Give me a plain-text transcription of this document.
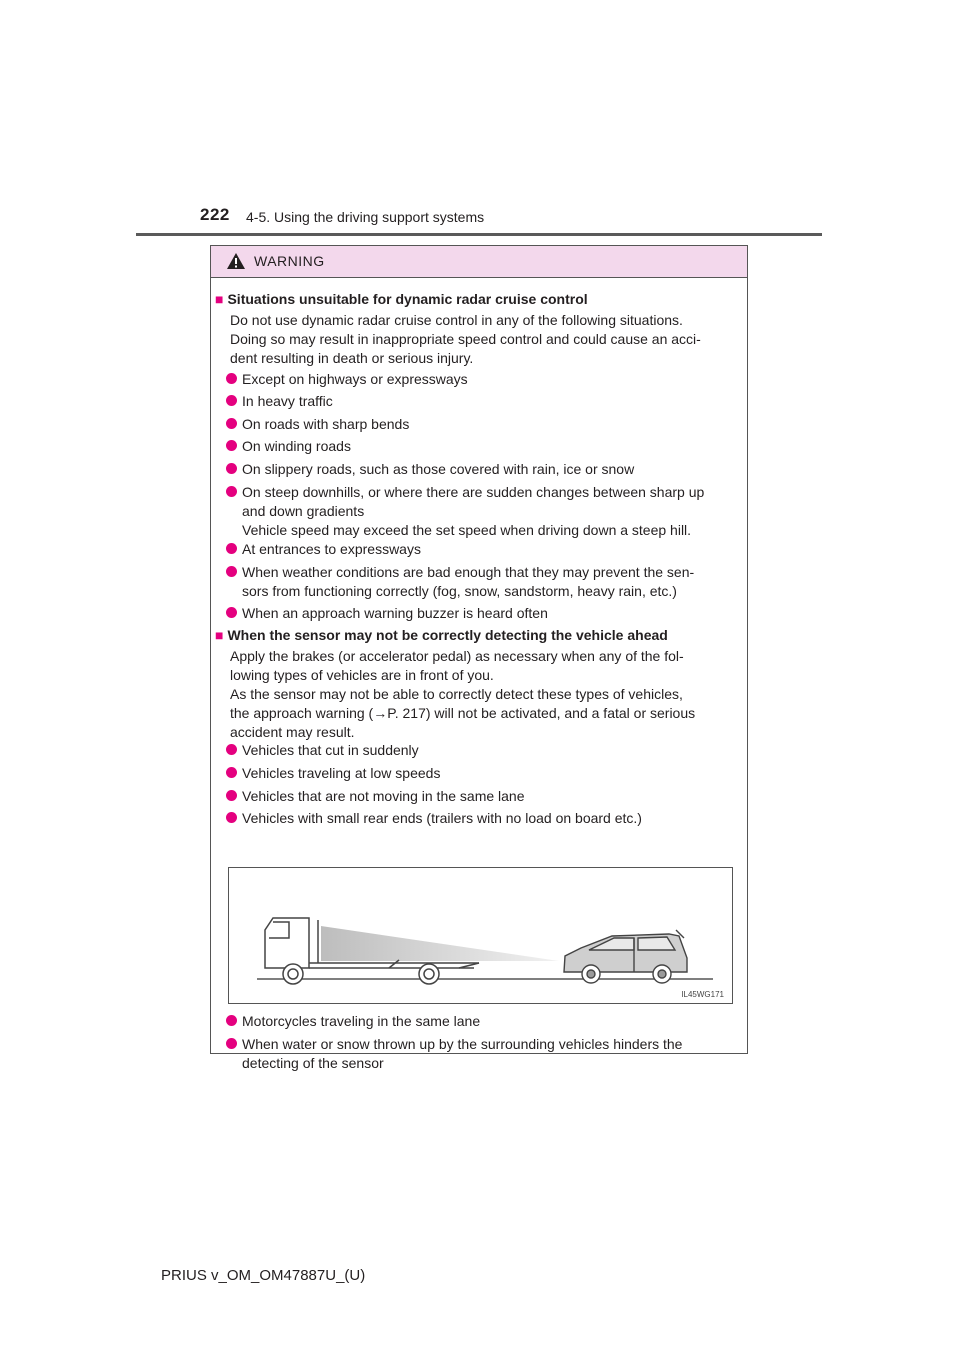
222 4-5. Using the driving support systems
WARNING
■ Situations unsuitable for dynamic radar cruise control
Do not use dynamic radar cruise control in any of the following situations.
Doing so may result in inappropriate speed control and could cause an acci-
dent resulting in death or serious injury.
Except on highways or expressways
In heavy traffic
On roads with sharp bends
On winding roads
On slippery roads, such as those covered with rain, ice or snow
On steep downhills, or where there are sudden changes between sharp up
and down gradients
Vehicle speed may exceed the set speed when driving down a steep hill.
At entrances to expressways
When weather conditions are bad enough that they may prevent the sen-
sors from functioning correctly (fog, snow, sandstorm, heavy rain, etc.)
When an approach warning buzzer is heard often
■ When the sensor may not be correctly detecting the vehicle ahead
Apply the brakes (or accelerator pedal) as necessary when any of the fol-
lowing types of vehicles are in front of you.
As the sensor may not be able to correctly detect these types of vehicles,
the approach warning (→P. 217) will not be activated, and a fatal or serious
accident may result.
Vehicles that cut in suddenly
Vehicles traveling at low speeds
Vehicles that are not moving in the same lane
Vehicles with small rear ends (trailers with no load on board etc.)
IL45WG171
Motorcycles traveling in the same lane
When water or snow thrown up by the surrounding vehicles hinders the
detecting of the sensor
PRIUS v_OM_OM47887U_(U)
